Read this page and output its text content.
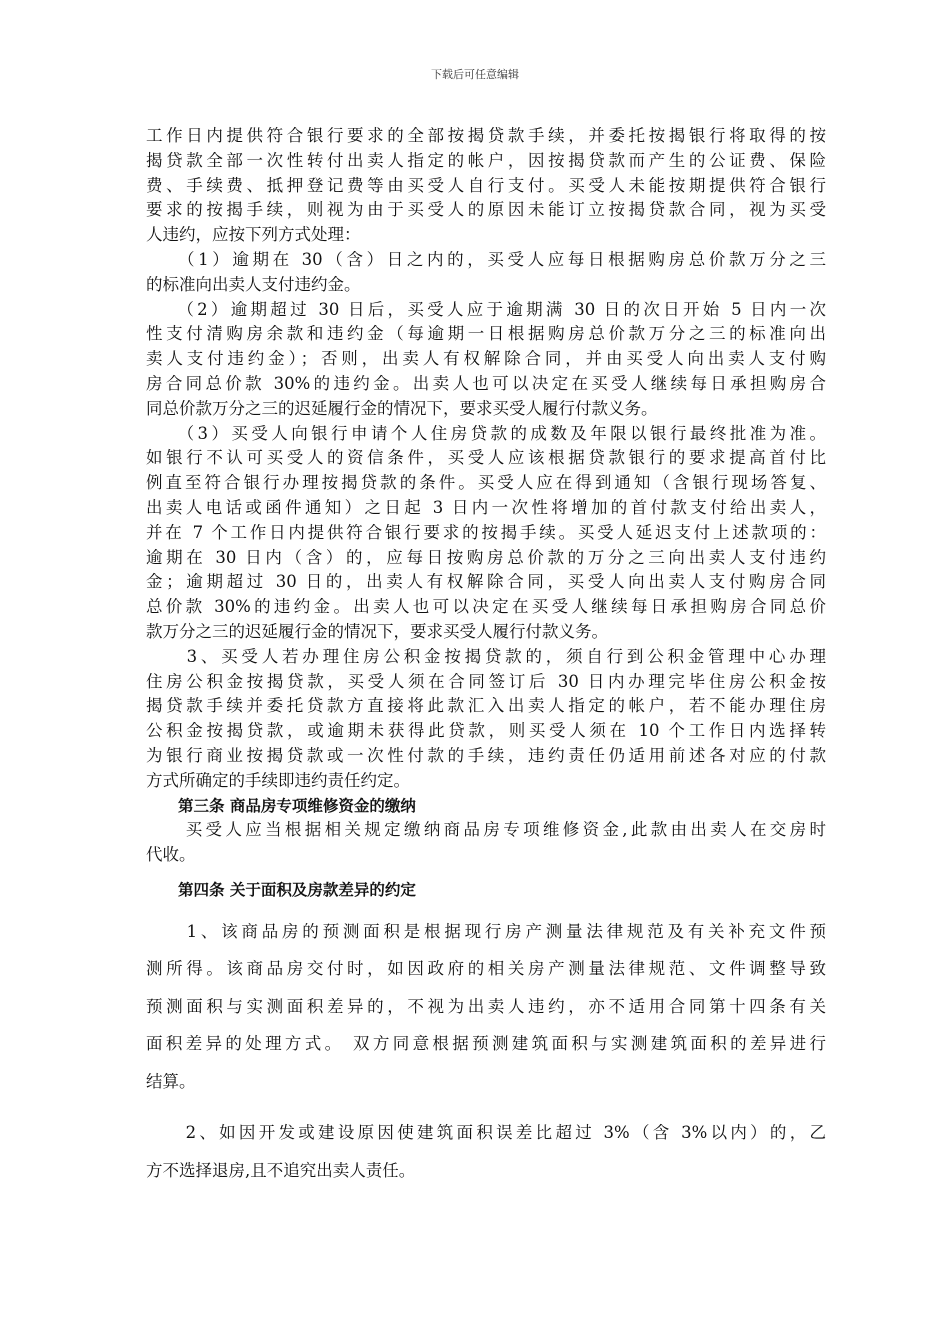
下载后可任意编辑
工作日内提供符合银行要求的全部按揭贷款手续，并委托按揭银行将取得的按
揭贷款全部一次性转付出卖人指定的帐户，因按揭贷款而产生的公证费、保险
费、手续费、抵押登记费等由买受人自行支付。买受人未能按期提供符合银行
要求的按揭手续，则视为由于买受人的原因未能订立按揭贷款合同，视为买受
人违约，应按下列方式处理：
　　（1）逾期在 30（含）日之内的，买受人应每日根据购房总价款万分之三
的标准向出卖人支付违约金。
　　（2）逾期超过 30 日后，买受人应于逾期满 30 日的次日开始 5 日内一次
性支付清购房余款和违约金（每逾期一日根据购房总价款万分之三的标准向出
卖人支付违约金）；否则，出卖人有权解除合同，并由买受人向出卖人支付购
房合同总价款 30%的违约金。出卖人也可以决定在买受人继续每日承担购房合
同总价款万分之三的迟延履行金的情况下，要求买受人履行付款义务。
　　（3）买受人向银行申请个人住房贷款的成数及年限以银行最终批准为准。
如银行不认可买受人的资信条件，买受人应该根据贷款银行的要求提高首付比
例直至符合银行办理按揭贷款的条件。买受人应在得到通知（含银行现场答复、
出卖人电话或函件通知）之日起 3 日内一次性将增加的首付款支付给出卖人，
并在 7 个工作日内提供符合银行要求的按揭手续。买受人延迟支付上述款项的：
逾期在 30 日内（含）的，应每日按购房总价款的万分之三向出卖人支付违约
金；逾期超过 30 日的，出卖人有权解除合同，买受人向出卖人支付购房合同
总价款 30%的违约金。出卖人也可以决定在买受人继续每日承担购房合同总价
款万分之三的迟延履行金的情况下，要求买受人履行付款义务。
　　3、买受人若办理住房公积金按揭贷款的，须自行到公积金管理中心办理
住房公积金按揭贷款，买受人须在合同签订后 30 日内办理完毕住房公积金按
揭贷款手续并委托贷款方直接将此款汇入出卖人指定的帐户，若不能办理住房
公积金按揭贷款，或逾期未获得此贷款，则买受人须在 10 个工作日内选择转
为银行商业按揭贷款或一次性付款的手续，违约责任仍适用前述各对应的付款
方式所确定的手续即违约责任约定。
第三条 商品房专项维修资金的缴纳
　　买受人应当根据相关规定缴纳商品房专项维修资金,此款由出卖人在交房时
代收。
第四条 关于面积及房款差异的约定
　　1、该商品房的预测面积是根据现行房产测量法律规范及有关补充文件预
测所得。该商品房交付时，如因政府的相关房产测量法律规范、文件调整导致
预测面积与实测面积差异的，不视为出卖人违约，亦不适用合同第十四条有关
面积差异的处理方式。 双方同意根据预测建筑面积与实测建筑面积的差异进行
结算。
　　2、如因开发或建设原因使建筑面积误差比超过 3%（含 3%以内）的，乙
方不选择退房,且不追究出卖人责任。
